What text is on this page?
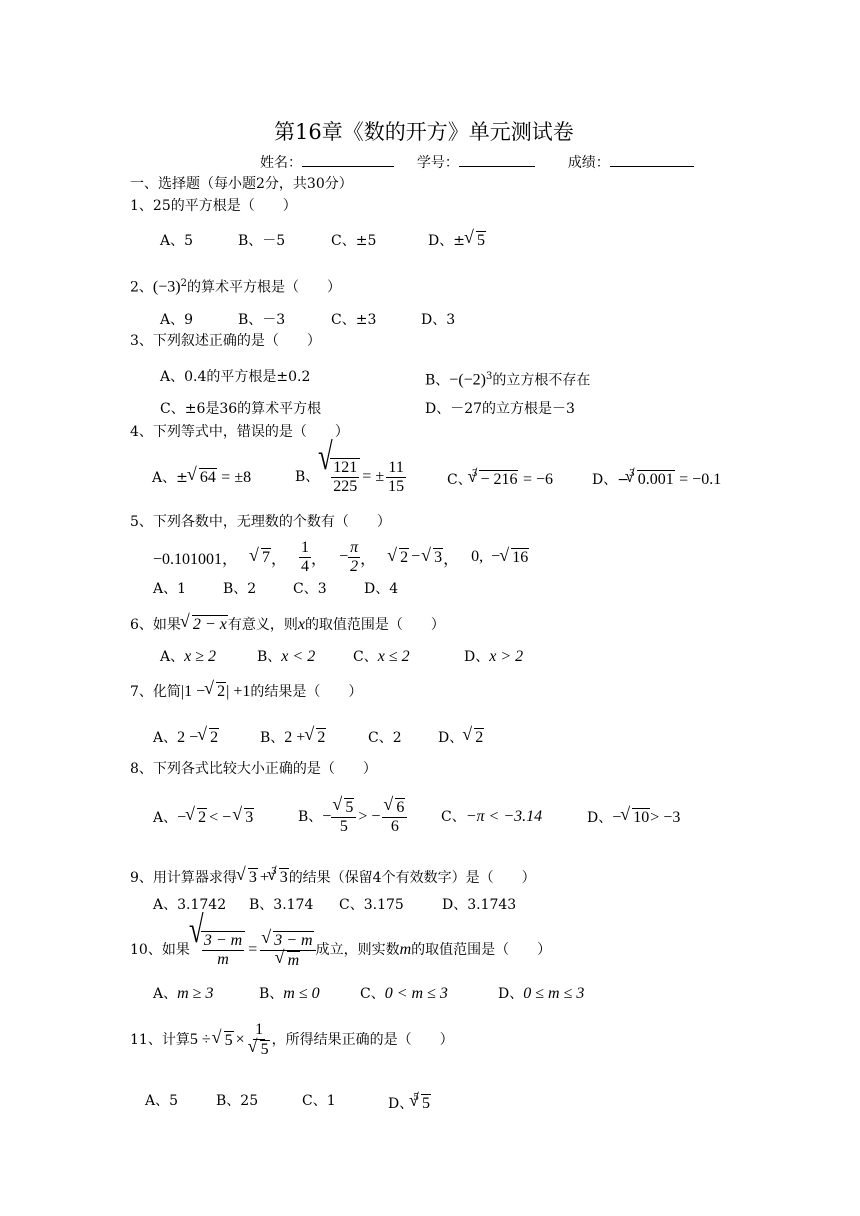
第16章《数的开方》单元测试卷
姓名：	学号：	成绩：
一、选择题（每小题2分，共30分）
1、25的平方根是（　　）
A、5	B、－5	C、±5	D、± √ 5
2、$(-3)^2$的算术平方根是（　　）
A、9	B、－3	C、±3	D、3
3、下列叙述正确的是（　　）
A、0.4的平方根是±0.2	B、$-(-2)^3$的立方根不存在
C、±6是36的算术平方根	D、－27的立方根是－3
4、下列等式中，错误的是（　　）
A、± √ 64 = ±8	B、 √ $\frac{121}{225}$ = ± $\frac{11}{15}$	C、$^3$ √ − 216 = −6	D、−$^3$ √ 0.001 = −0.1
5、下列各数中，无理数的个数有（　　）
−0.101001，	√ 7 ， $\frac{1}{4}$ ， − $\frac{\pi}{2}$ ，	√ 2 − √ 3 ， 0, − √ 16
A、1	B、2	C、3	D、4
6、如果 √ 2 − x有意义，则x的取值范围是（　　）
A、x ≥ 2	B、x < 2	C、x ≤ 2	D、x > 2
7、化简|1 − √ 2| +1的结果是（　　）
A、2 − √ 2	B、2 + √ 2	C、2	D、 √ 2
8、下列各式比较大小正确的是（　　）
A、− √ 2 < − √ 3	B、 − √ $\frac{5}{5}$ > − √ $\frac{6}{6}$ C、−π < −3.14	D、− √ 10> −3
9、用计算器求得 √ 3 + $^3$ √ 3的结果（保留4个有效数字）是（　　）
A、3.1742	B、3.174	C、3.175	D、3.1743
10、如果 √ $\frac{3 - m}{m}$ = √ 3 − m
√ m 成立，则实数 m 的取值范围是（　　）
A、m ≥ 3	B、m ≤ 0	C、0 < m ≤ 3	D、0 ≤ m ≤ 3
11、计算 5 ÷ √ 5 × 1
√ 5 ，所得结果正确的是（　　）
A、5	B、25	C、1	D、$^5$ √ 5
